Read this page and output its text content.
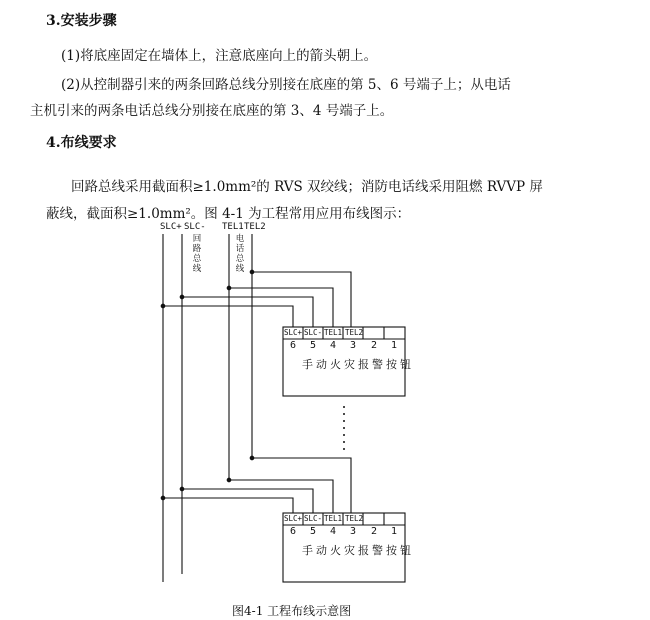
3.安装步骤
(1)将底座固定在墙体上，注意底座向上的箭头朝上。
(2)从控制器引来的两条回路总线分别接在底座的第 5、6 号端子上；从电话
主机引来的两条电话总线分别接在底座的第 3、4 号端子上。
4.布线要求
回路总线采用截面积≥1.0mm²的 RVS 双绞线；消防电话线采用阻燃 RVVP 屏
蔽线，截面积≥1.0mm²。图 4-1 为工程常用应用布线图示：
SLC+ SLC- TEL1 TEL2
回路总线
电话总线
SLC+ SLC- TEL1 TEL2
6 5 4 3 2 1
手动火灾报警按钮
SLC+ SLC- TEL1 TEL2
6 5 4 3 2 1
手动火灾报警按钮
图4-1 工程布线示意图
